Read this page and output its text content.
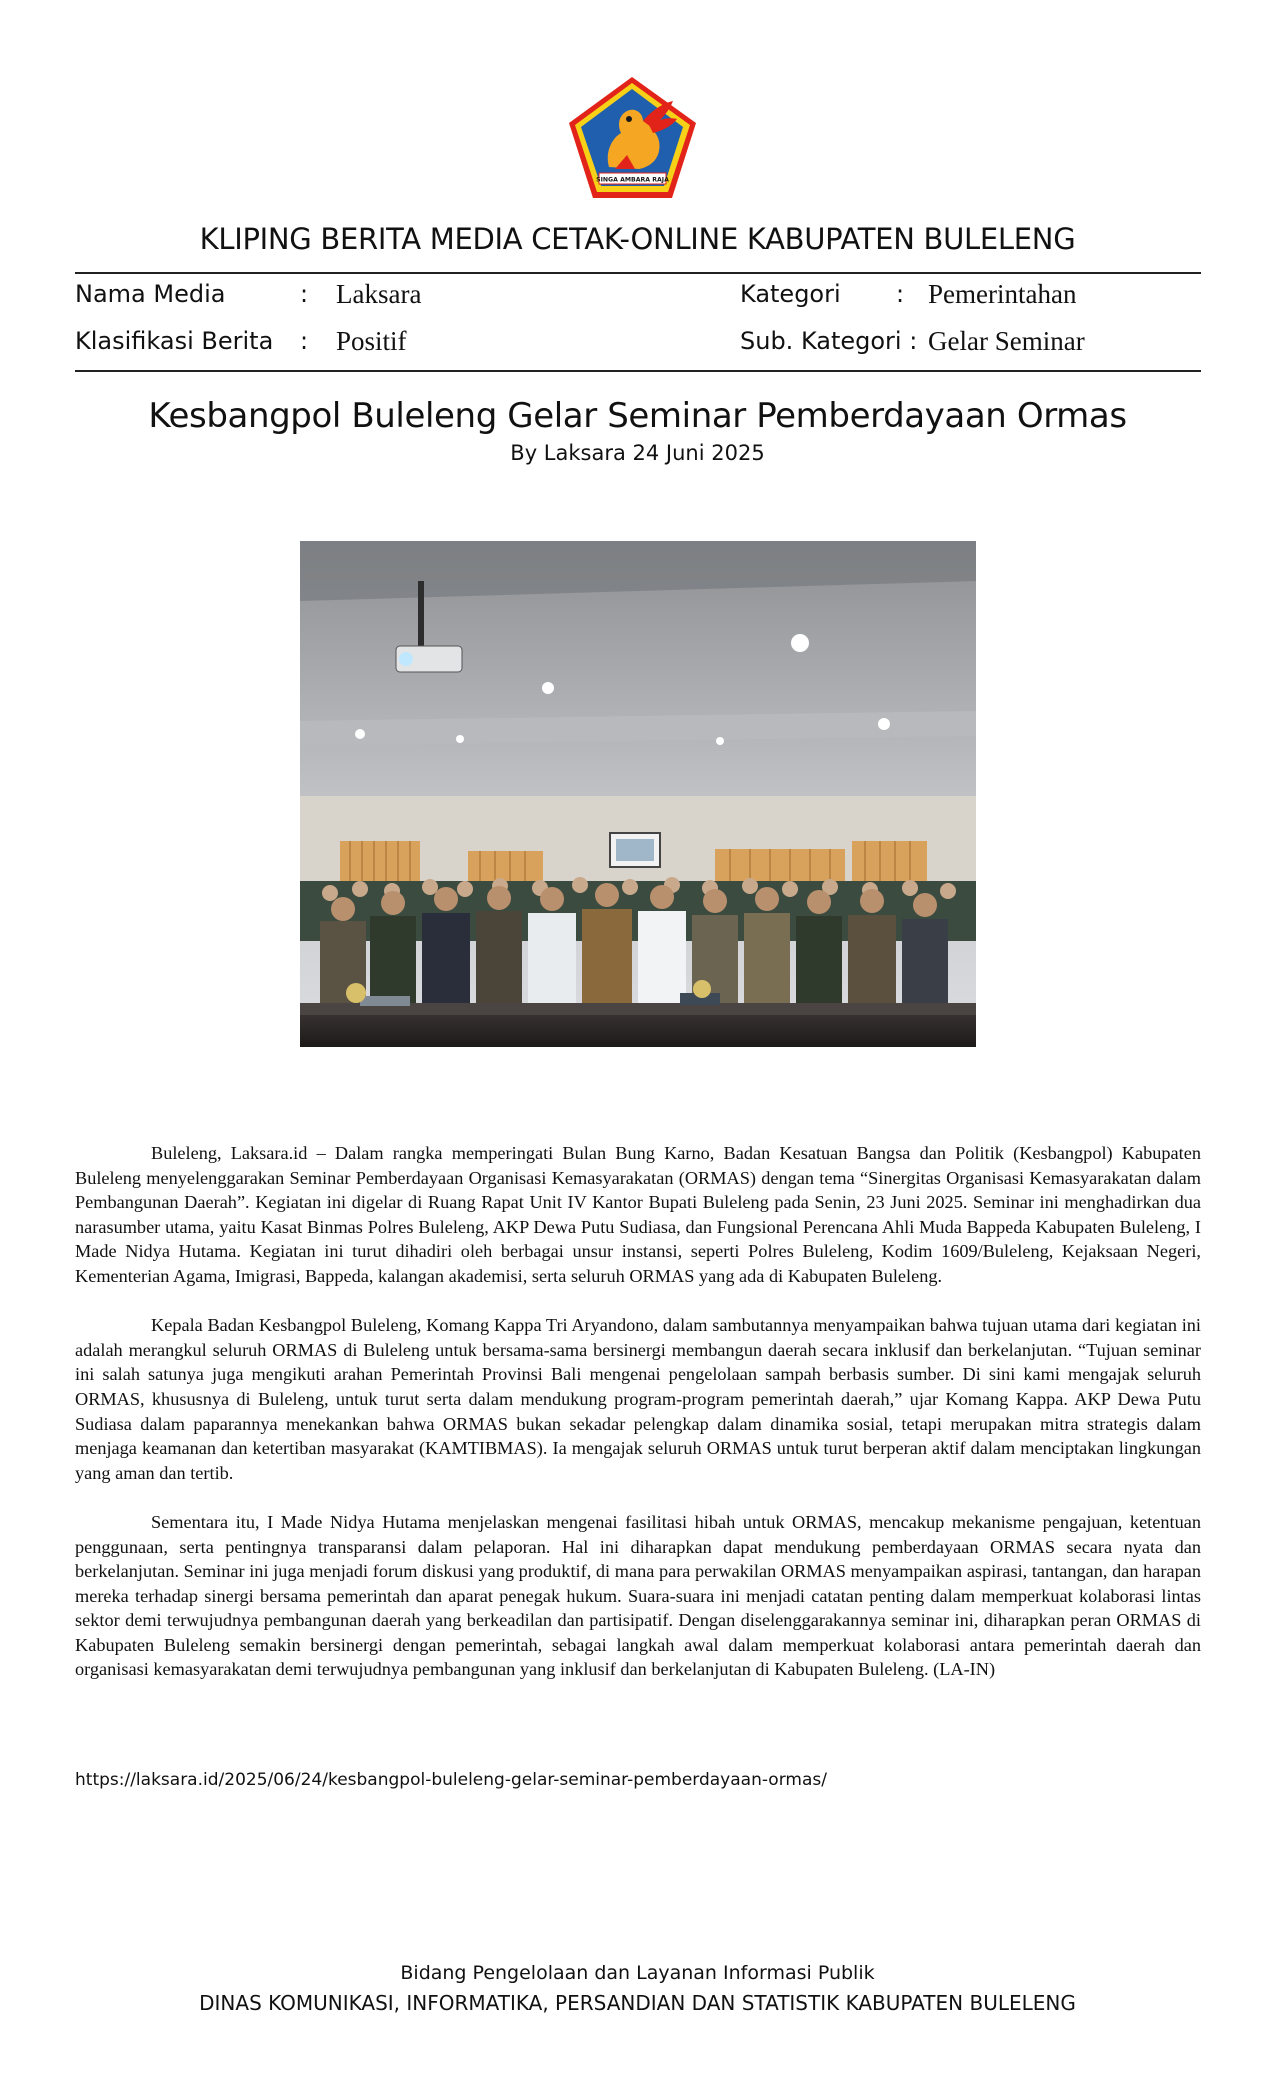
SINGA AMBARA RAJA
KLIPING BERITA MEDIA CETAK-ONLINE KABUPATEN BULELENG
Nama Media	: Laksara	Kategori : Pemerintahan
Klasifikasi Berita : Positif	Sub. Kategori : Gelar Seminar
Kesbangpol Buleleng Gelar Seminar Pemberdayaan Ormas
By Laksara 24 Juni 2025

Buleleng, Laksara.id – Dalam rangka memperingati Bulan Bung Karno, Badan Kesatuan Bangsa dan Politik (Kesbangpol) Kabupaten Buleleng menyelenggarakan Seminar Pemberdayaan Organisasi Kemasyarakatan (ORMAS) dengan tema “Sinergitas Organisasi Kemasyarakatan dalam Pembangunan Daerah”. Kegiatan ini digelar di Ruang Rapat Unit IV Kantor Bupati Buleleng pada Senin, 23 Juni 2025. Seminar ini menghadirkan dua narasumber utama, yaitu Kasat Binmas Polres Buleleng, AKP Dewa Putu Sudiasa, dan Fungsional Perencana Ahli Muda Bappeda Kabupaten Buleleng, I Made Nidya Hutama. Kegiatan ini turut dihadiri oleh berbagai unsur instansi, seperti Polres Buleleng, Kodim 1609/Buleleng, Kejaksaan Negeri, Kementerian Agama, Imigrasi, Bappeda, kalangan akademisi, serta seluruh ORMAS yang ada di Kabupaten Buleleng.

Kepala Badan Kesbangpol Buleleng, Komang Kappa Tri Aryandono, dalam sambutannya menyampaikan bahwa tujuan utama dari kegiatan ini adalah merangkul seluruh ORMAS di Buleleng untuk bersama-sama bersinergi membangun daerah secara inklusif dan berkelanjutan. “Tujuan seminar ini salah satunya juga mengikuti arahan Pemerintah Provinsi Bali mengenai pengelolaan sampah berbasis sumber. Di sini kami mengajak seluruh ORMAS, khususnya di Buleleng, untuk turut serta dalam mendukung program-program pemerintah daerah,” ujar Komang Kappa. AKP Dewa Putu Sudiasa dalam paparannya menekankan bahwa ORMAS bukan sekadar pelengkap dalam dinamika sosial, tetapi merupakan mitra strategis dalam menjaga keamanan dan ketertiban masyarakat (KAMTIBMAS). Ia mengajak seluruh ORMAS untuk turut berperan aktif dalam menciptakan lingkungan yang aman dan tertib.

Sementara itu, I Made Nidya Hutama menjelaskan mengenai fasilitasi hibah untuk ORMAS, mencakup mekanisme pengajuan, ketentuan penggunaan, serta pentingnya transparansi dalam pelaporan. Hal ini diharapkan dapat mendukung pemberdayaan ORMAS secara nyata dan berkelanjutan. Seminar ini juga menjadi forum diskusi yang produktif, di mana para perwakilan ORMAS menyampaikan aspirasi, tantangan, dan harapan mereka terhadap sinergi bersama pemerintah dan aparat penegak hukum. Suara-suara ini menjadi catatan penting dalam memperkuat kolaborasi lintas sektor demi terwujudnya pembangunan daerah yang berkeadilan dan partisipatif. Dengan diselenggarakannya seminar ini, diharapkan peran ORMAS di Kabupaten Buleleng semakin bersinergi dengan pemerintah, sebagai langkah awal dalam memperkuat kolaborasi antara pemerintah daerah dan organisasi kemasyarakatan demi terwujudnya pembangunan yang inklusif dan berkelanjutan di Kabupaten Buleleng. (LA-IN)

https://laksara.id/2025/06/24/kesbangpol-buleleng-gelar-seminar-pemberdayaan-ormas/
Bidang Pengelolaan dan Layanan Informasi Publik
DINAS KOMUNIKASI, INFORMATIKA, PERSANDIAN DAN STATISTIK KABUPATEN BULELENG
